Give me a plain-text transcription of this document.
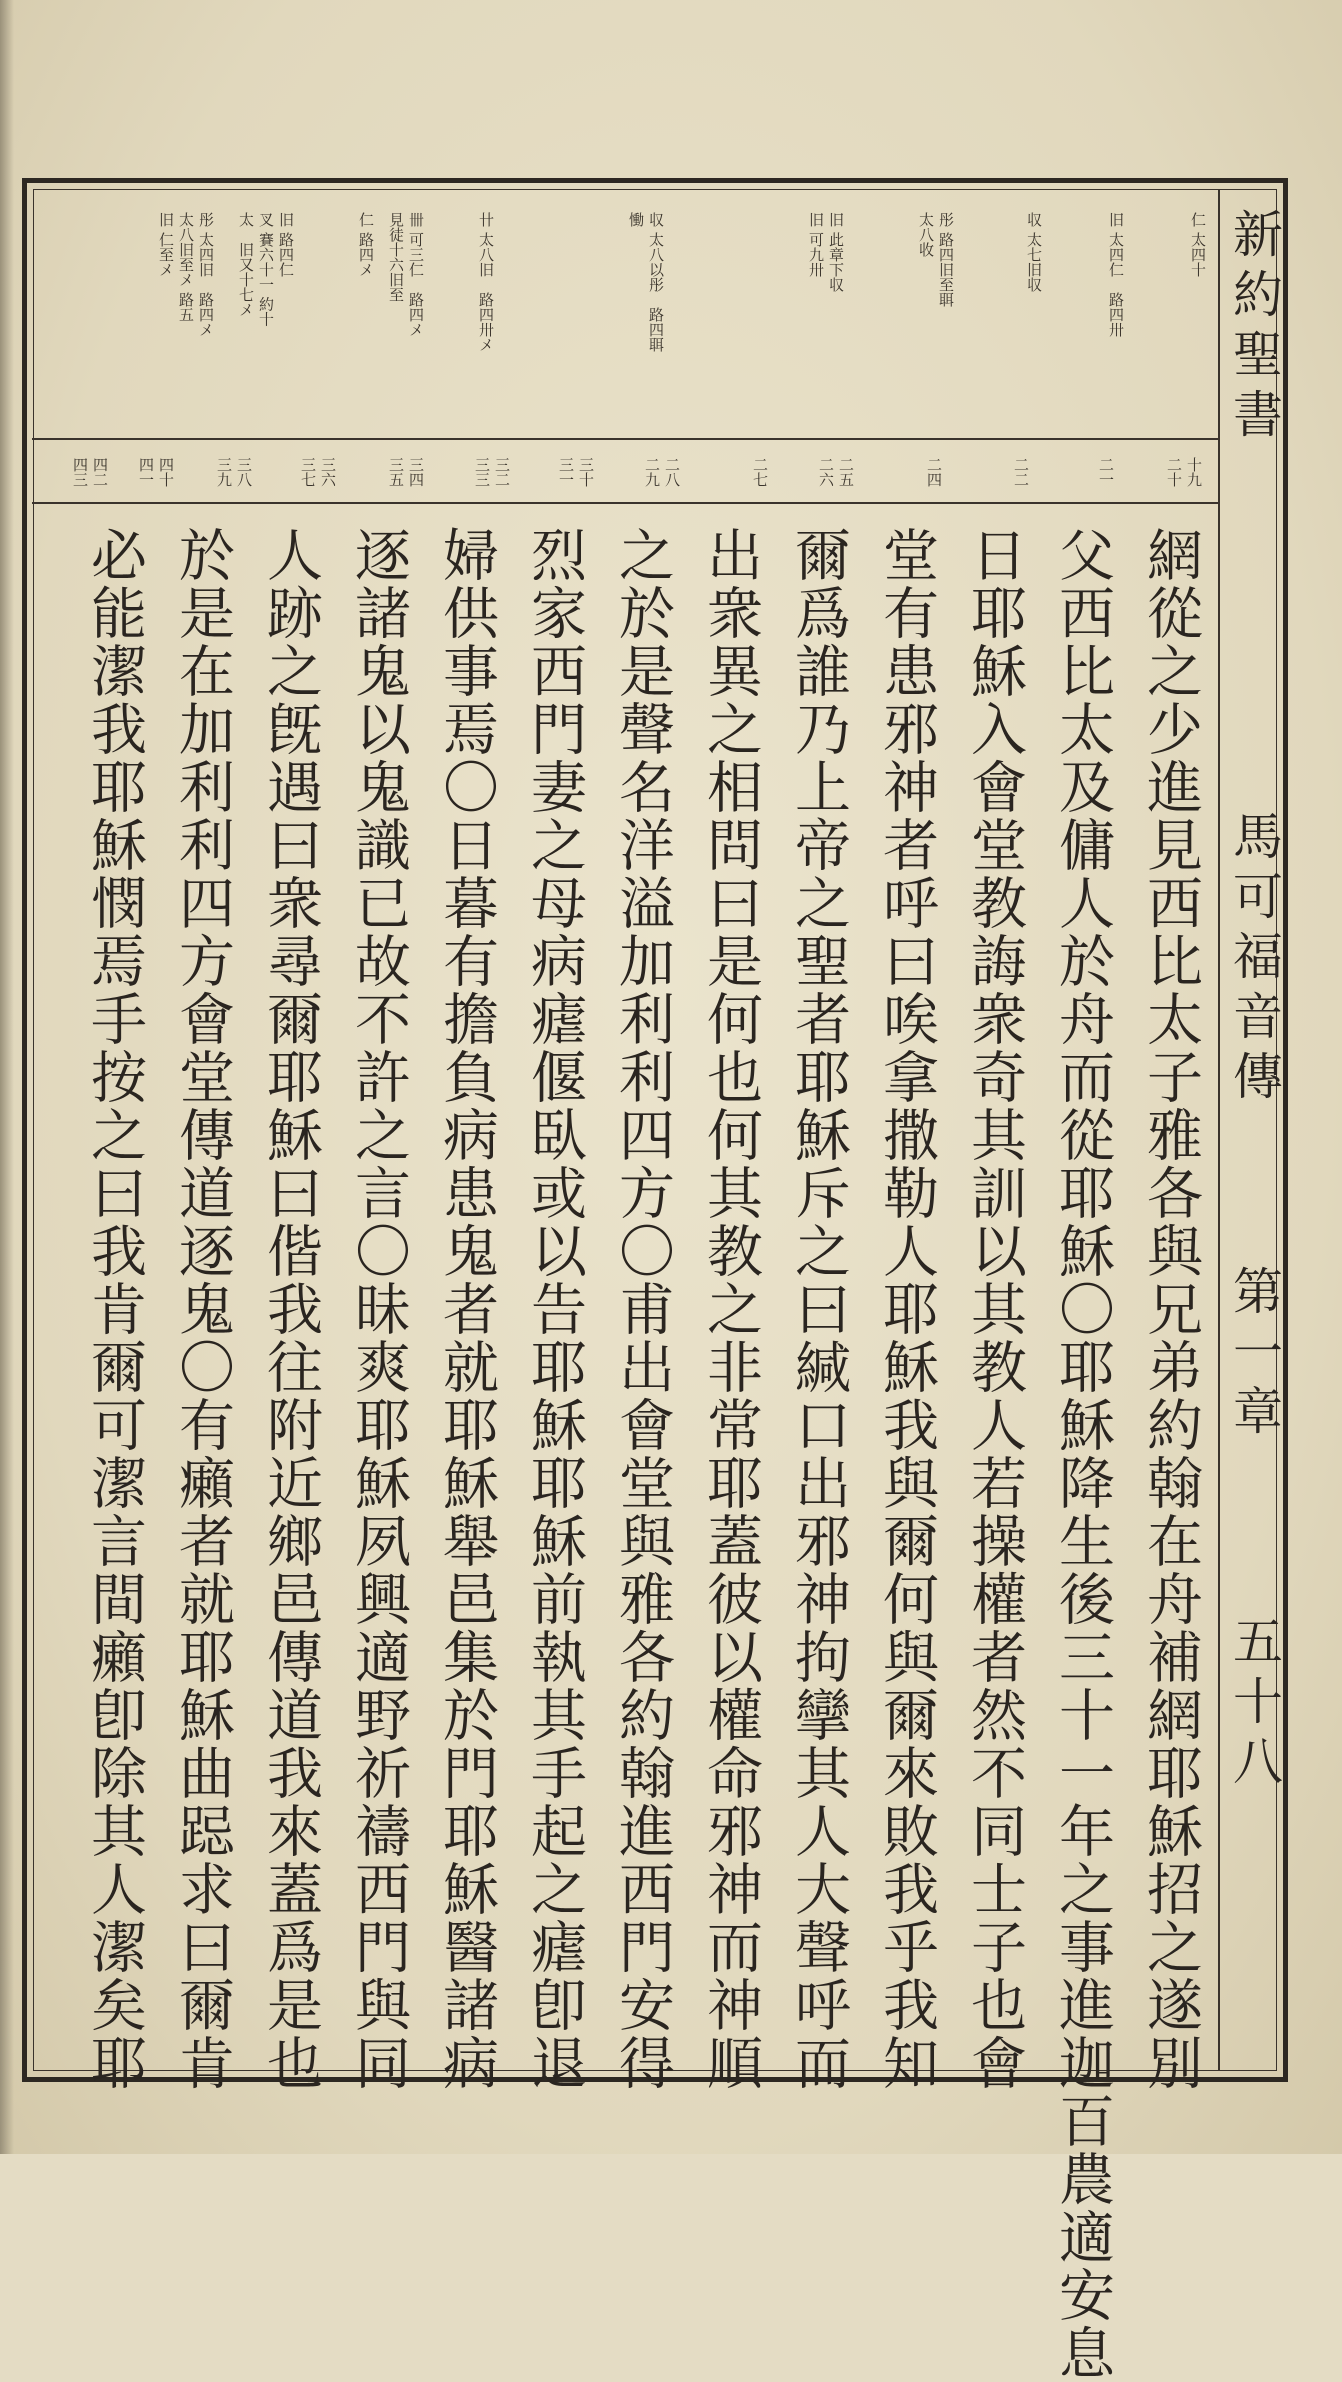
新約聖書
馬可福音傳
第一章
五十八
仁 太四十
旧 太四仁　路四卅
収 太七旧収
彤 路四旧至聑
太八收
旧 此章下収
旧 可九卅
収 太八以彤　路四聑
慟
卄 太八旧　路四卅メ
卌 可三仁　路四メ
見徒十六旧至
仁 路四メ
旧 路四仁
叉 賽六十一 約十
太　旧又十七メ
彤 太四旧　路四メ
太八旧至メ 路五
旧 仁至メ
十九 二十
二一
二二
二四
二五 二六
二七
二八 二九
三十 三一
三二 三三
三四 三五
三六 三七
三八 三九
四十 四一
四二 四三
網從之少進見西比太子雅各與兄弟約翰在舟補網耶穌招之遂別
父西比太及傭人於舟而從耶穌〇耶穌降生後三十一年之事進迦百農適安息
日耶穌入會堂教誨衆奇其訓以其教人若操權者然不同士子也會
堂有患邪神者呼曰唉拿撒勒人耶穌我與爾何與爾來敗我乎我知
爾爲誰乃上帝之聖者耶穌斥之曰緘口出邪神拘攣其人大聲呼而
出衆異之相問曰是何也何其教之非常耶蓋彼以權命邪神而神順
之於是聲名洋溢加利利四方〇甫出會堂與雅各約翰進西門安得
烈家西門妻之母病瘧偃臥或以告耶穌耶穌前執其手起之瘧卽退
婦供事焉〇日暮有擔負病患鬼者就耶穌舉邑集於門耶穌醫諸病
逐諸鬼以鬼識已故不許之言〇昧爽耶穌夙興適野祈禱西門與同
人跡之旣遇曰衆尋爾耶穌曰偕我往附近鄉邑傳道我來蓋爲是也
於是在加利利四方會堂傳道逐鬼〇有癩者就耶穌曲跽求曰爾肯
必能潔我耶穌憫焉手按之曰我肯爾可潔言間癩卽除其人潔矣耶
